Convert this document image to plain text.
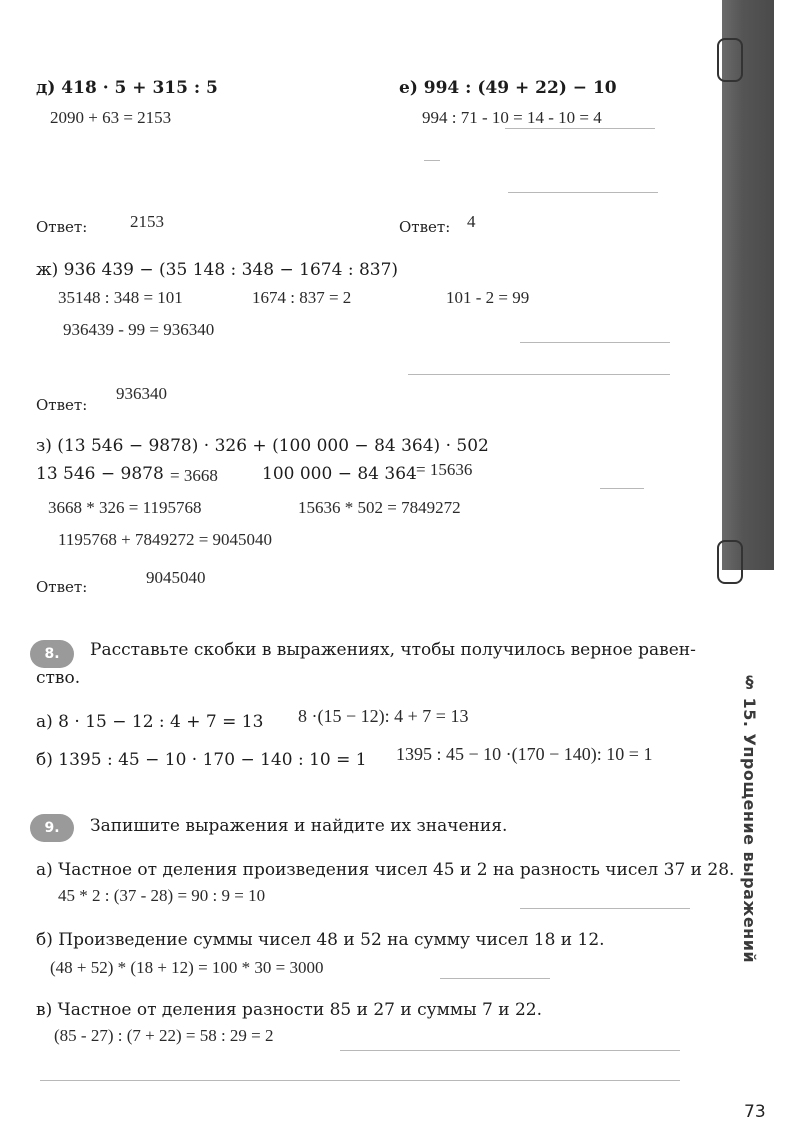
§ 15. Упрощение выражений
д) 418 · 5 + 315 : 5
2090 + 63 = 2153
Ответ:	2153
е) 994 : (49 + 22) − 10
994 : 71 - 10 = 14 - 10 = 4
Ответ: 4
ж) 936 439 − (35 148 : 348 − 1674 : 837)
35148 : 348 = 101	1674 : 837 = 2	101 - 2 = 99
936439 - 99 = 936340
Ответ:
936340
з) (13 546 − 9878) · 326 + (100 000 − 84 364) · 502
13 546 − 9878 = 3668	100 000 − 84 364 = 15636
3668 * 326 = 1195768	15636 * 502 = 7849272
1195768 + 7849272 = 9045040
Ответ:	9045040
8.	Расставьте скобки в выражениях, чтобы получилось верное равен-
ство.
а) 8 · 15 − 12 : 4 + 7 = 13 8 ·(15 − 12): 4 + 7 = 13
б) 1395 : 45 − 10 · 170 − 140 : 10 = 1 1395 : 45 − 10 ·(170 − 140): 10 = 1
9.	Запишите выражения и найдите их значения.
а) Частное от деления произведения чисел 45 и 2 на разность чисел 37 и 28.
45 * 2 : (37 - 28) = 90 : 9 = 10
б) Произведение суммы чисел 48 и 52 на сумму чисел 18 и 12.
(48 + 52) * (18 + 12) = 100 * 30 = 3000
в) Частное от деления разности 85 и 27 и суммы 7 и 22.
(85 - 27) : (7 + 22) = 58 : 29 = 2
73
